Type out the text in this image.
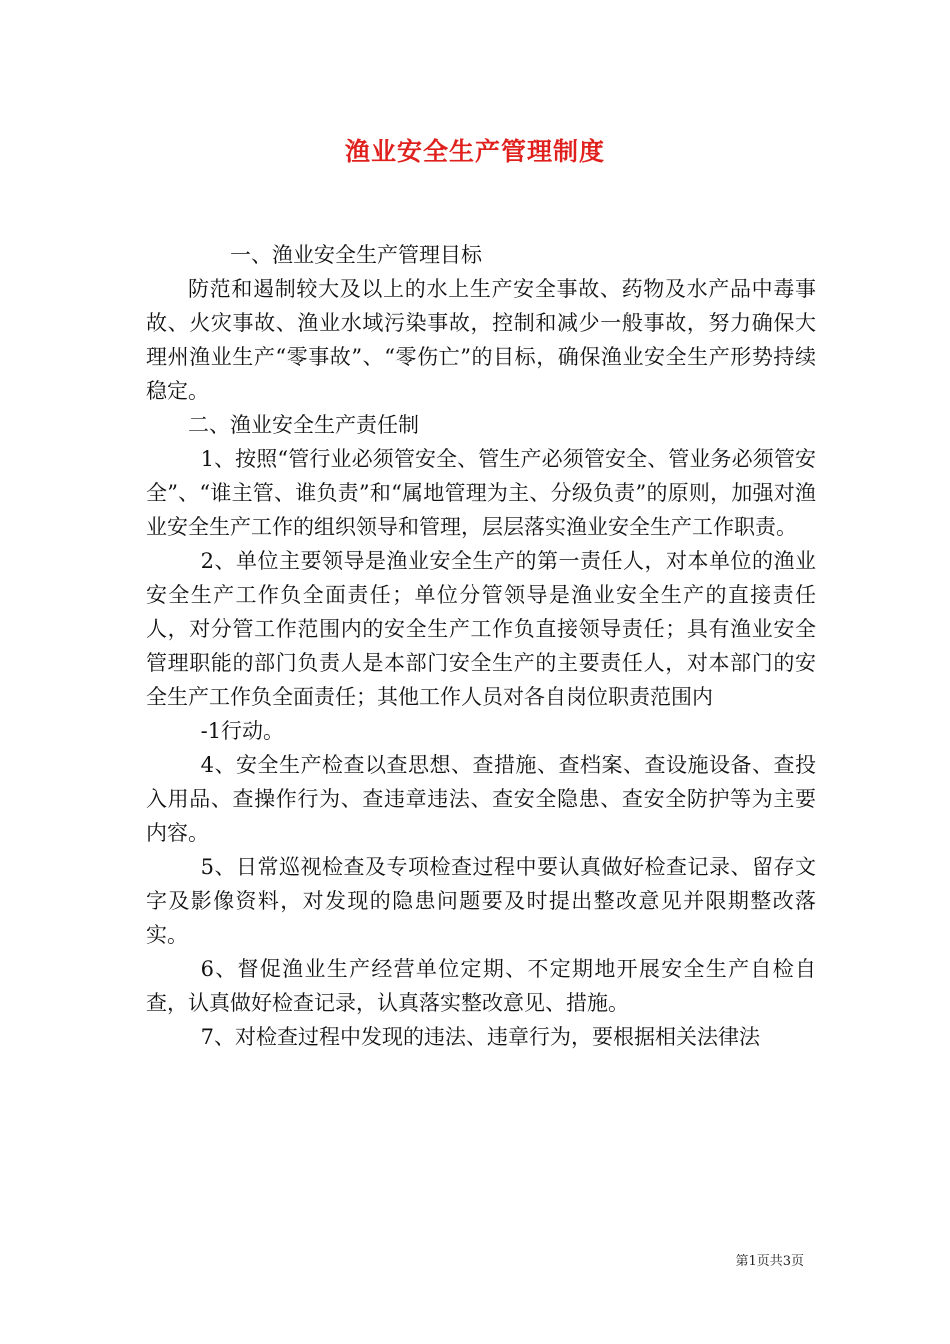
渔业安全生产管理制度

一、渔业安全生产管理目标

防范和遏制较大及以上的水上生产安全事故、药物及水产品中毒事故、火灾事故、渔业水域污染事故，控制和减少一般事故，努力确保大理州渔业生产“零事故”、“零伤亡”的目标，确保渔业安全生产形势持续稳定。

二、渔业安全生产责任制

1、按照“管行业必须管安全、管生产必须管安全、管业务必须管安全”、“谁主管、谁负责”和“属地管理为主、分级负责”的原则，加强对渔业安全生产工作的组织领导和管理，层层落实渔业安全生产工作职责。

2、单位主要领导是渔业安全生产的第一责任人，对本单位的渔业安全生产工作负全面责任；单位分管领导是渔业安全生产的直接责任人，对分管工作范围内的安全生产工作负直接领导责任；具有渔业安全管理职能的部门负责人是本部门安全生产的主要责任人，对本部门的安全生产工作负全面责任；其他工作人员对各自岗位职责范围内

-1行动。

4、安全生产检查以查思想、查措施、查档案、查设施设备、查投入用品、查操作行为、查违章违法、查安全隐患、查安全防护等为主要内容。

5、日常巡视检查及专项检查过程中要认真做好检查记录、留存文字及影像资料，对发现的隐患问题要及时提出整改意见并限期整改落实。

6、督促渔业生产经营单位定期、不定期地开展安全生产自检自查，认真做好检查记录，认真落实整改意见、措施。

7、对检查过程中发现的违法、违章行为，要根据相关法律法

第1页共3页
